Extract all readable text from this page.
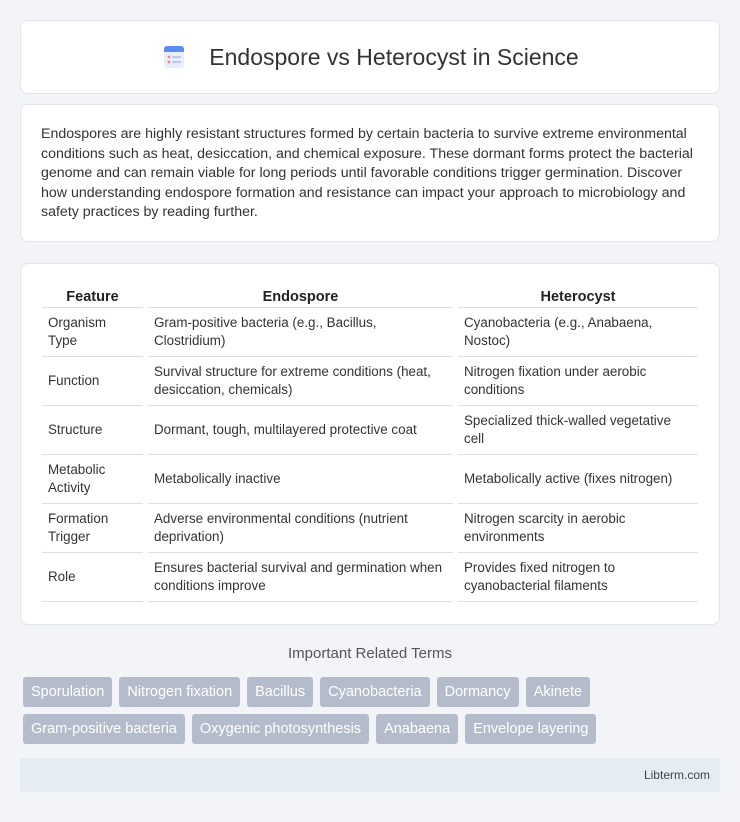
Endospore vs Heterocyst in Science

Endospores are highly resistant structures formed by certain bacteria to survive extreme environmental conditions such as heat, desiccation, and chemical exposure. These dormant forms protect the bacterial genome and can remain viable for long periods until favorable conditions trigger germination. Discover how understanding endospore formation and resistance can impact your approach to microbiology and safety practices by reading further.

Feature	Endospore	Heterocyst
Organism Type	Gram-positive bacteria (e.g., Bacillus, Clostridium)	Cyanobacteria (e.g., Anabaena, Nostoc)
Function	Survival structure for extreme conditions (heat, desiccation, chemicals)	Nitrogen fixation under aerobic conditions
Structure	Dormant, tough, multilayered protective coat	Specialized thick-walled vegetative cell
Metabolic Activity	Metabolically inactive	Metabolically active (fixes nitrogen)
Formation Trigger	Adverse environmental conditions (nutrient deprivation)	Nitrogen scarcity in aerobic environments
Role	Ensures bacterial survival and germination when conditions improve	Provides fixed nitrogen to cyanobacterial filaments
Important Related Terms
Sporulation	Nitrogen fixation	Bacillus	Cyanobacteria	Dormancy	Akinete
Gram-positive bacteria	Oxygenic photosynthesis	Anabaena	Envelope layering
Libterm.com
